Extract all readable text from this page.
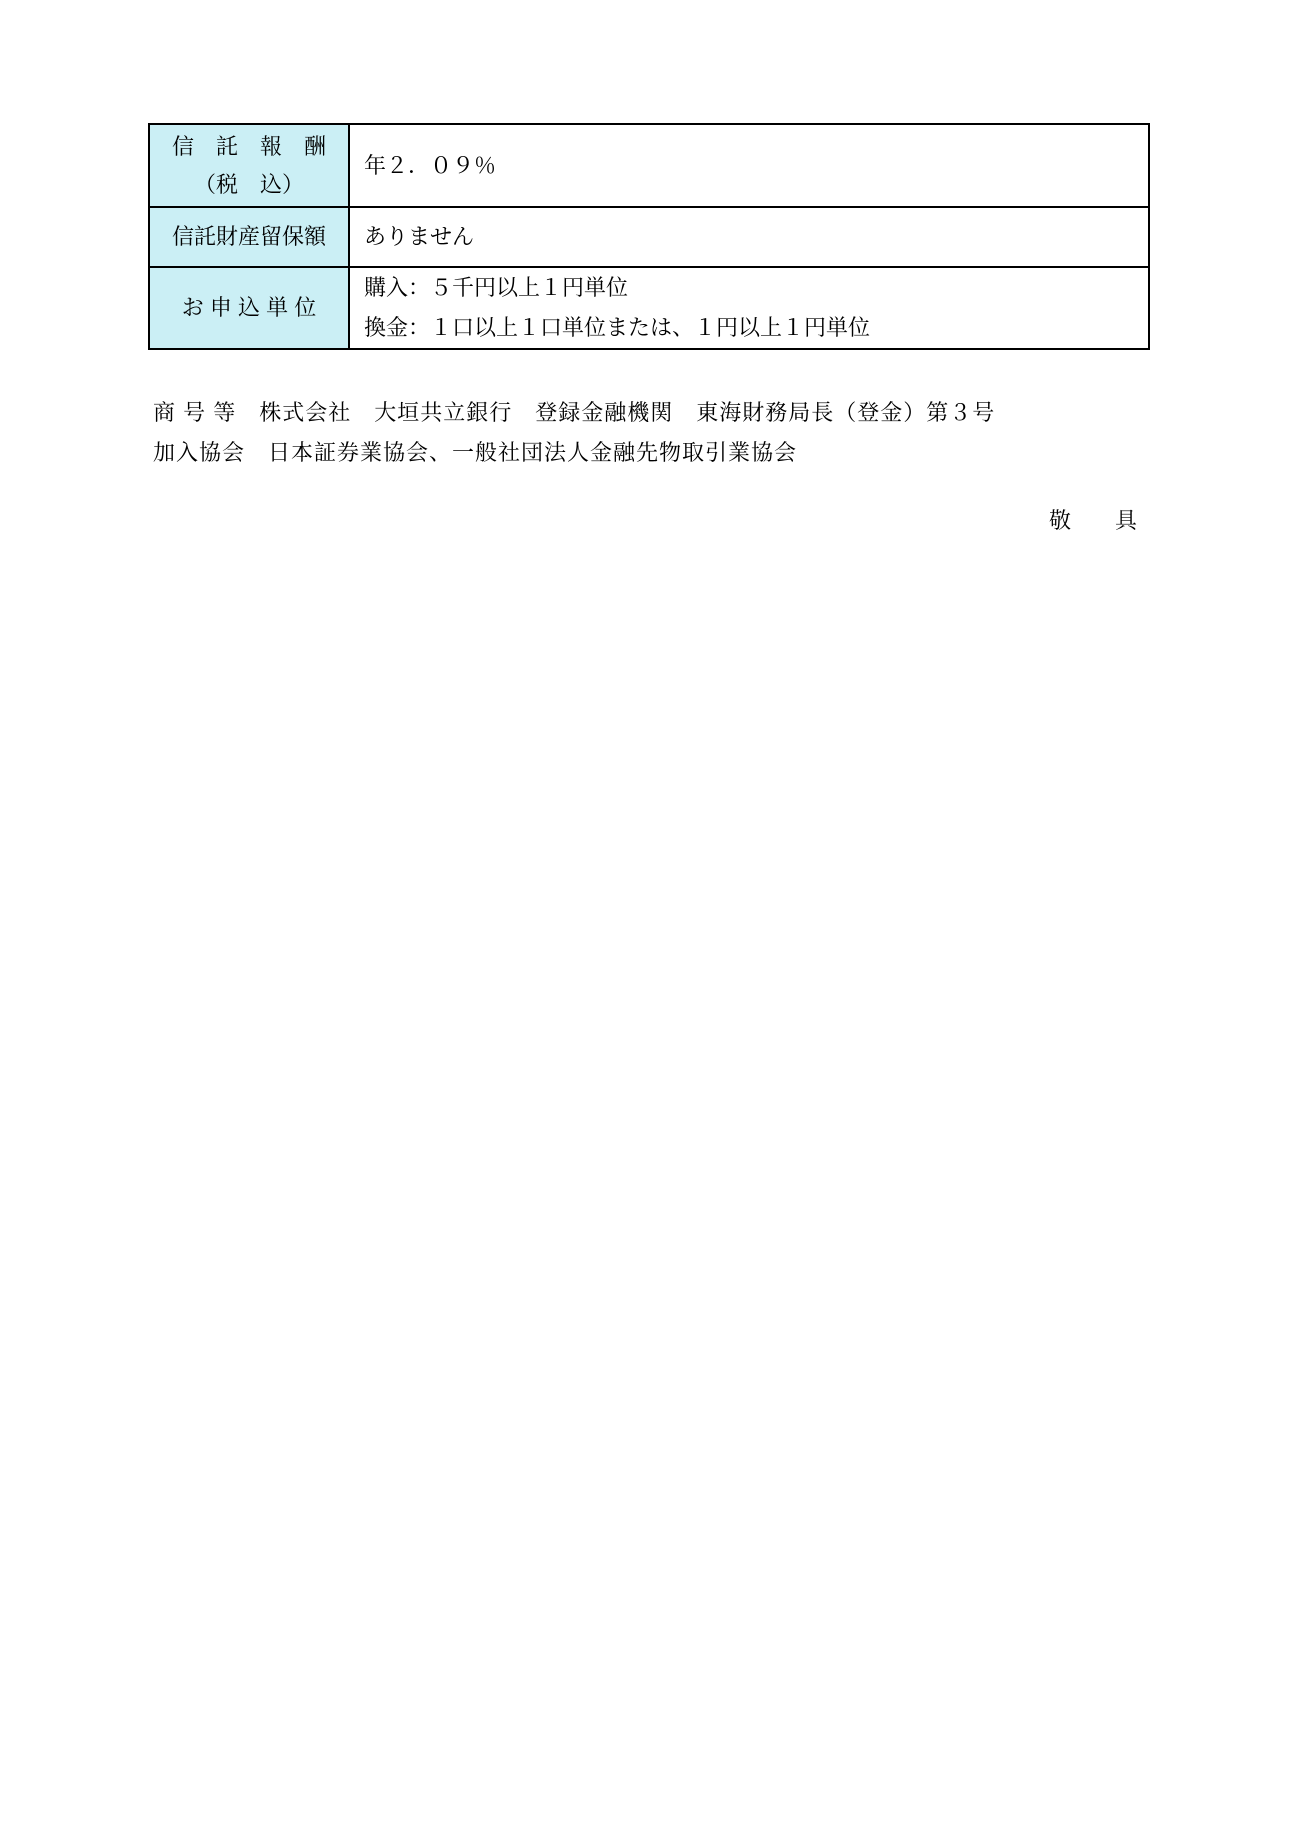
信　託　報　酬
（税　込）	年２．０９％

信託財産留保額	ありません

お 申 込 単 位	購入：５千円以上１円単位
換金：１口以上１口単位または、１円以上１円単位
商 号 等　株式会社　大垣共立銀行　登録金融機関　東海財務局長（登金）第３号
加入協会　日本証券業協会、一般社団法人金融先物取引業協会
敬　　具
